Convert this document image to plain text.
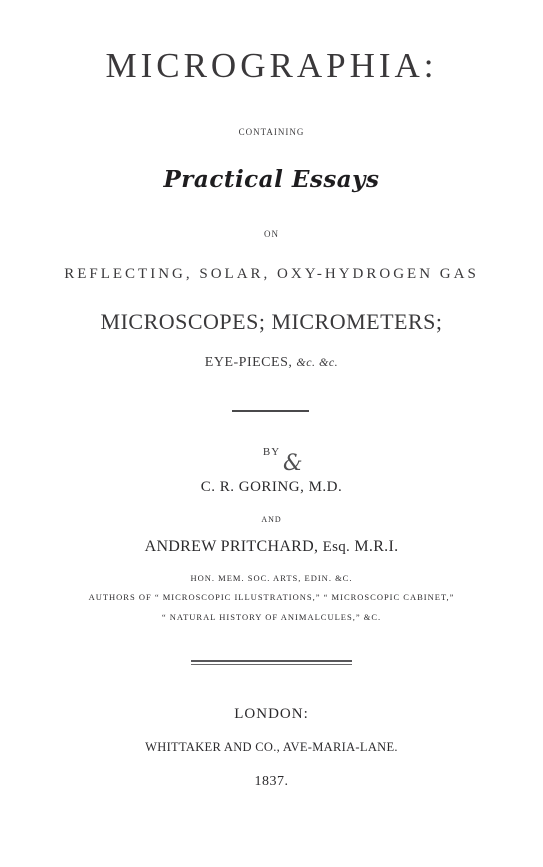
MICROGRAPHIA:
CONTAINING
Practical Essays
ON
REFLECTING, SOLAR, OXY-HYDROGEN GAS
MICROSCOPES; MICROMETERS;
EYE-PIECES, &c. &c.
BY &
C. R. GORING, M.D.
AND
ANDREW PRITCHARD, Esq. M.R.I.
HON. MEM. SOC. ARTS, EDIN. &C.
AUTHORS OF “ MICROSCOPIC ILLUSTRATIONS,” “ MICROSCOPIC CABINET,”
“ NATURAL HISTORY OF ANIMALCULES,” &C.
LONDON:
WHITTAKER AND CO., AVE-MARIA-LANE.
1837.
